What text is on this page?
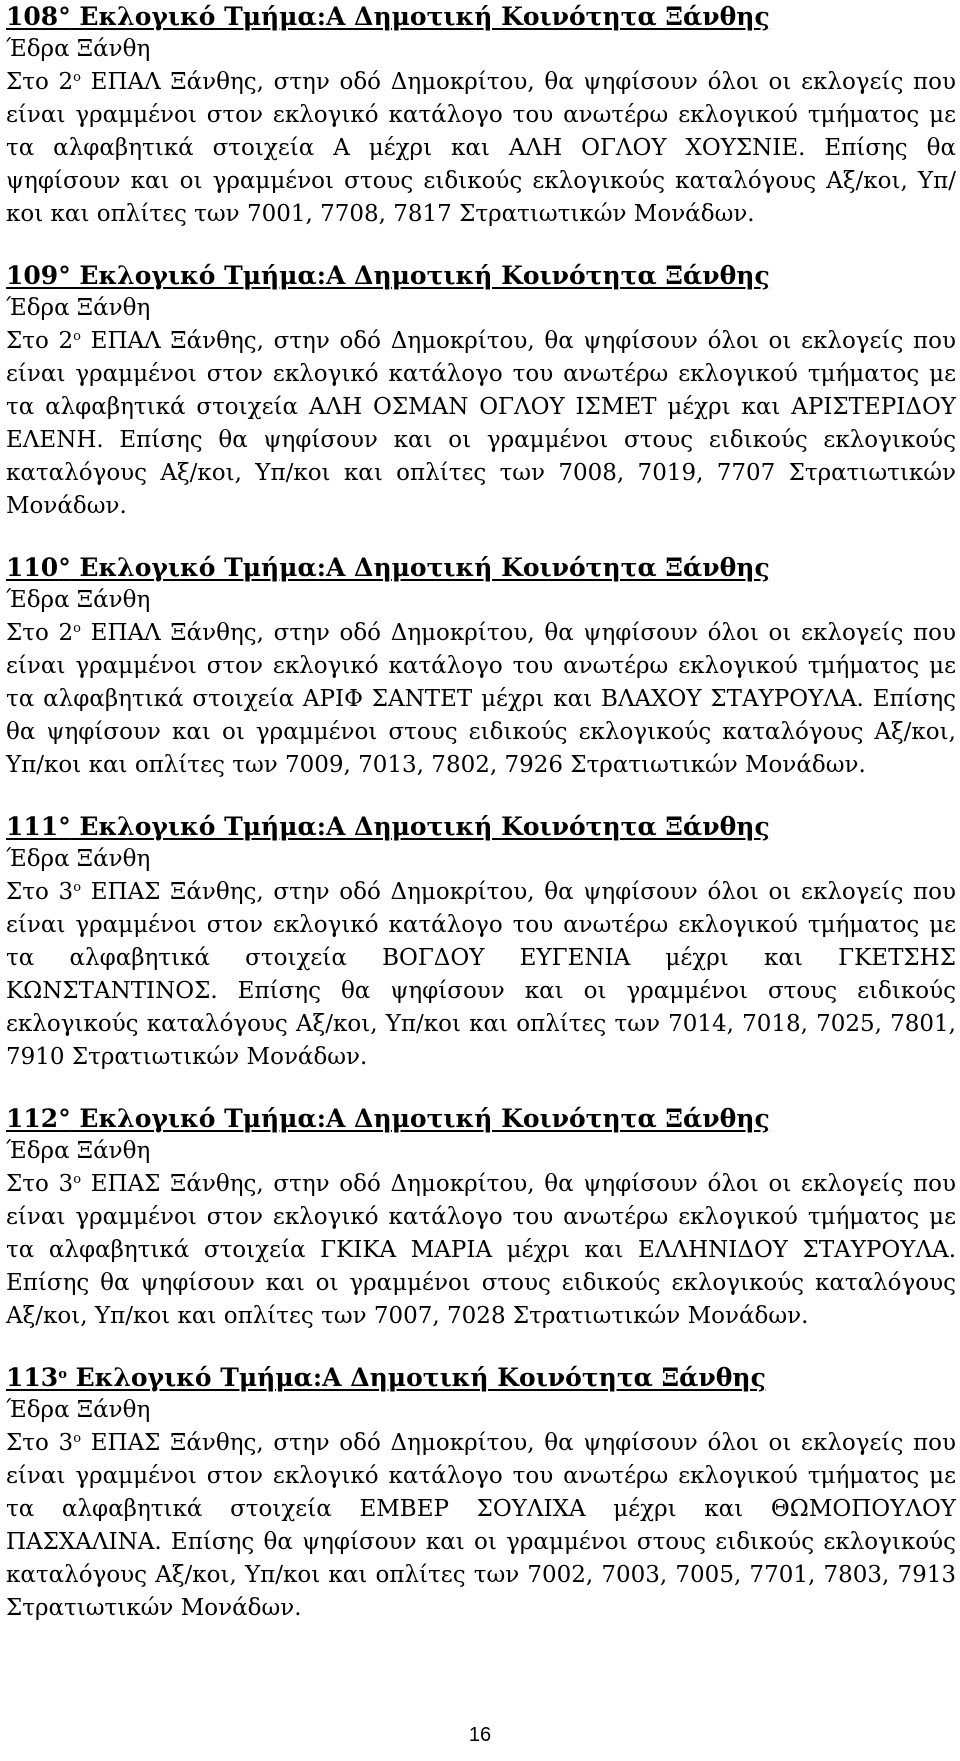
108° Εκλογικό Τμήμα:Α Δημοτική Κοινότητα Ξάνθης
Έδρα Ξάνθη

Στο $2^o$ ΕΠΑΛ Ξάνθης, στην οδό Δημοκρίτου, θα ψηφίσουν όλοι οι εκλογείς που είναι γραμμένοι στον εκλογικό κατάλογο του ανωτέρω εκλογικού τμήματος με τα αλφαβητικά στοιχεία Α μέχρι και ΑΛΗ ΟΓΛΟΥ ΧΟΥΣΝΙΕ. Επίσης θα ψηφίσουν και οι γραμμένοι στους ειδικούς εκλογικούς καταλόγους Αξ/κοι, Υπ/κοι και οπλίτες των 7001, 7708, 7817 Στρατιωτικών Μονάδων.

109° Εκλογικό Τμήμα:Α Δημοτική Κοινότητα Ξάνθης
Έδρα Ξάνθη

Στο $2^o$ ΕΠΑΛ Ξάνθης, στην οδό Δημοκρίτου, θα ψηφίσουν όλοι οι εκλογείς που είναι γραμμένοι στον εκλογικό κατάλογο του ανωτέρω εκλογικού τμήματος με τα αλφαβητικά στοιχεία ΑΛΗ ΟΣΜΑΝ ΟΓΛΟΥ ΙΣΜΕΤ μέχρι και ΑΡΙΣΤΕΡΙΔΟΥ ΕΛΕΝΗ. Επίσης θα ψηφίσουν και οι γραμμένοι στους ειδικούς εκλογικούς καταλόγους Αξ/κοι, Υπ/κοι και οπλίτες των 7008, 7019, 7707 Στρατιωτικών Μονάδων.

110° Εκλογικό Τμήμα:Α Δημοτική Κοινότητα Ξάνθης
Έδρα Ξάνθη

Στο $2^o$ ΕΠΑΛ Ξάνθης, στην οδό Δημοκρίτου, θα ψηφίσουν όλοι οι εκλογείς που είναι γραμμένοι στον εκλογικό κατάλογο του ανωτέρω εκλογικού τμήματος με τα αλφαβητικά στοιχεία ΑΡΙΦ ΣΑΝΤΕΤ μέχρι και ΒΛΑΧΟΥ ΣΤΑΥΡΟΥΛΑ. Επίσης θα ψηφίσουν και οι γραμμένοι στους ειδικούς εκλογικούς καταλόγους Αξ/κοι, Υπ/κοι και οπλίτες των 7009, 7013, 7802, 7926 Στρατιωτικών Μονάδων.

111° Εκλογικό Τμήμα:Α Δημοτική Κοινότητα Ξάνθης
Έδρα Ξάνθη

Στο $3^o$ ΕΠΑΣ Ξάνθης, στην οδό Δημοκρίτου, θα ψηφίσουν όλοι οι εκλογείς που είναι γραμμένοι στον εκλογικό κατάλογο του ανωτέρω εκλογικού τμήματος με τα αλφαβητικά στοιχεία ΒΟΓΔΟΥ ΕΥΓΕΝΙΑ μέχρι και ΓΚΕΤΣΗΣ ΚΩΝΣΤΑΝΤΙΝΟΣ. Επίσης θα ψηφίσουν και οι γραμμένοι στους ειδικούς εκλογικούς καταλόγους Αξ/κοι, Υπ/κοι και οπλίτες των 7014, 7018, 7025, 7801, 7910 Στρατιωτικών Μονάδων.

112° Εκλογικό Τμήμα:Α Δημοτική Κοινότητα Ξάνθης
Έδρα Ξάνθη

Στο $3^o$ ΕΠΑΣ Ξάνθης, στην οδό Δημοκρίτου, θα ψηφίσουν όλοι οι εκλογείς που είναι γραμμένοι στον εκλογικό κατάλογο του ανωτέρω εκλογικού τμήματος με τα αλφαβητικά στοιχεία ΓΚΙΚΑ ΜΑΡΙΑ μέχρι και ΕΛΛΗΝΙΔΟΥ ΣΤΑΥΡΟΥΛΑ. Επίσης θα ψηφίσουν και οι γραμμένοι στους ειδικούς εκλογικούς καταλόγους Αξ/κοι, Υπ/κοι και οπλίτες των 7007, 7028 Στρατιωτικών Μονάδων.

$113^o$ Εκλογικό Τμήμα:Α Δημοτική Κοινότητα Ξάνθης
Έδρα Ξάνθη

Στο $3^o$ ΕΠΑΣ Ξάνθης, στην οδό Δημοκρίτου, θα ψηφίσουν όλοι οι εκλογείς που είναι γραμμένοι στον εκλογικό κατάλογο του ανωτέρω εκλογικού τμήματος με τα αλφαβητικά στοιχεία ΕΜΒΕΡ ΣΟΥΛΙΧΑ μέχρι και ΘΩΜΟΠΟΥΛΟΥ ΠΑΣΧΑΛΙΝΑ. Επίσης θα ψηφίσουν και οι γραμμένοι στους ειδικούς εκλογικούς καταλόγους Αξ/κοι, Υπ/κοι και οπλίτες των 7002, 7003, 7005, 7701, 7803, 7913 Στρατιωτικών Μονάδων.

16
